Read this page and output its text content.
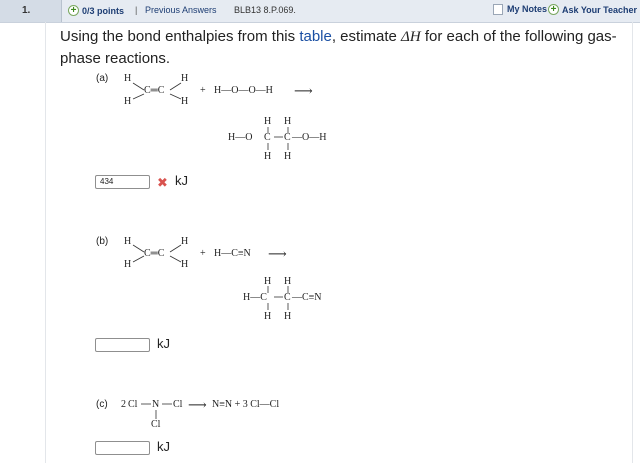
1.	+ 0/3 points | Previous Answers BLB13 8.P.069.	My Notes + Ask Your Teacher
Using the bond enthalpies from this table, estimate ΔH for each of the following gas-phase reactions.
(a) H
H
C═C
H
H
+ H—O—O—H ⟶
H H
H—O C C —O—H
H H
434	✖ kJ
(b) H
H
C═C
H
H
+ H—C≡N ⟶
H H
H—C C —C≡N
H H
kJ
(c) 2 Cl N Cl
Cl
⟶ N≡N + 3 Cl—Cl
kJ
